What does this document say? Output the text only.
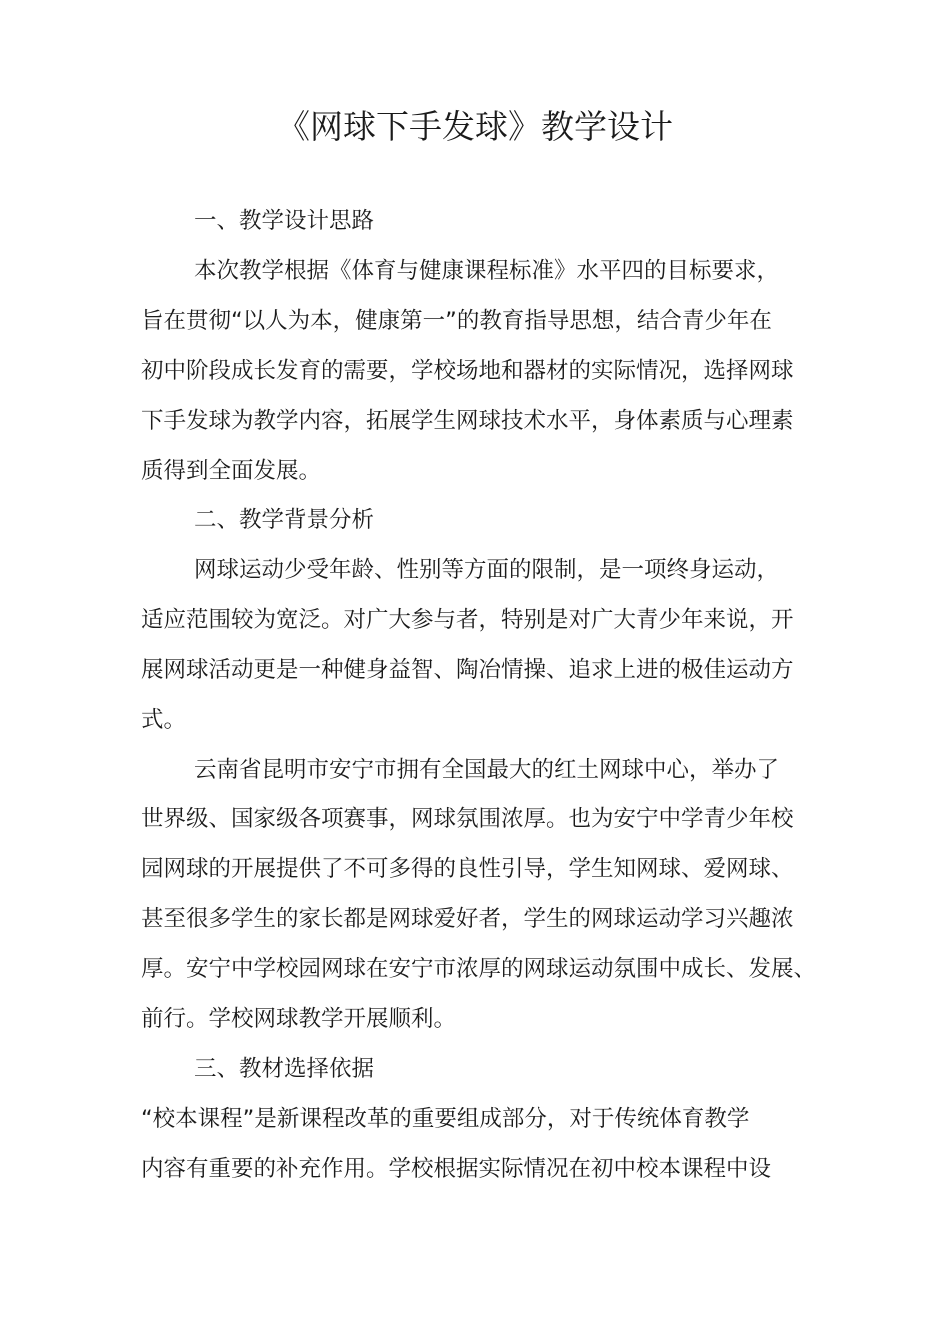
《网球下手发球》教学设计
一、教学设计思路
本次教学根据《体育与健康课程标准》水平四的目标要求，
旨在贯彻“以人为本，健康第一”的教育指导思想，结合青少年在
初中阶段成长发育的需要，学校场地和器材的实际情况，选择网球
下手发球为教学内容，拓展学生网球技术水平，身体素质与心理素
质得到全面发展。
二、教学背景分析
网球运动少受年龄、性别等方面的限制，是一项终身运动，
适应范围较为宽泛。对广大参与者，特别是对广大青少年来说，开
展网球活动更是一种健身益智、陶冶情操、追求上进的极佳运动方
式。
云南省昆明市安宁市拥有全国最大的红土网球中心，举办了
世界级、国家级各项赛事，网球氛围浓厚。也为安宁中学青少年校
园网球的开展提供了不可多得的良性引导，学生知网球、爱网球、
甚至很多学生的家长都是网球爱好者，学生的网球运动学习兴趣浓
厚。安宁中学校园网球在安宁市浓厚的网球运动氛围中成长、发展、
前行。学校网球教学开展顺利。
三、教材选择依据
“校本课程”是新课程改革的重要组成部分，对于传统体育教学
内容有重要的补充作用。学校根据实际情况在初中校本课程中设
